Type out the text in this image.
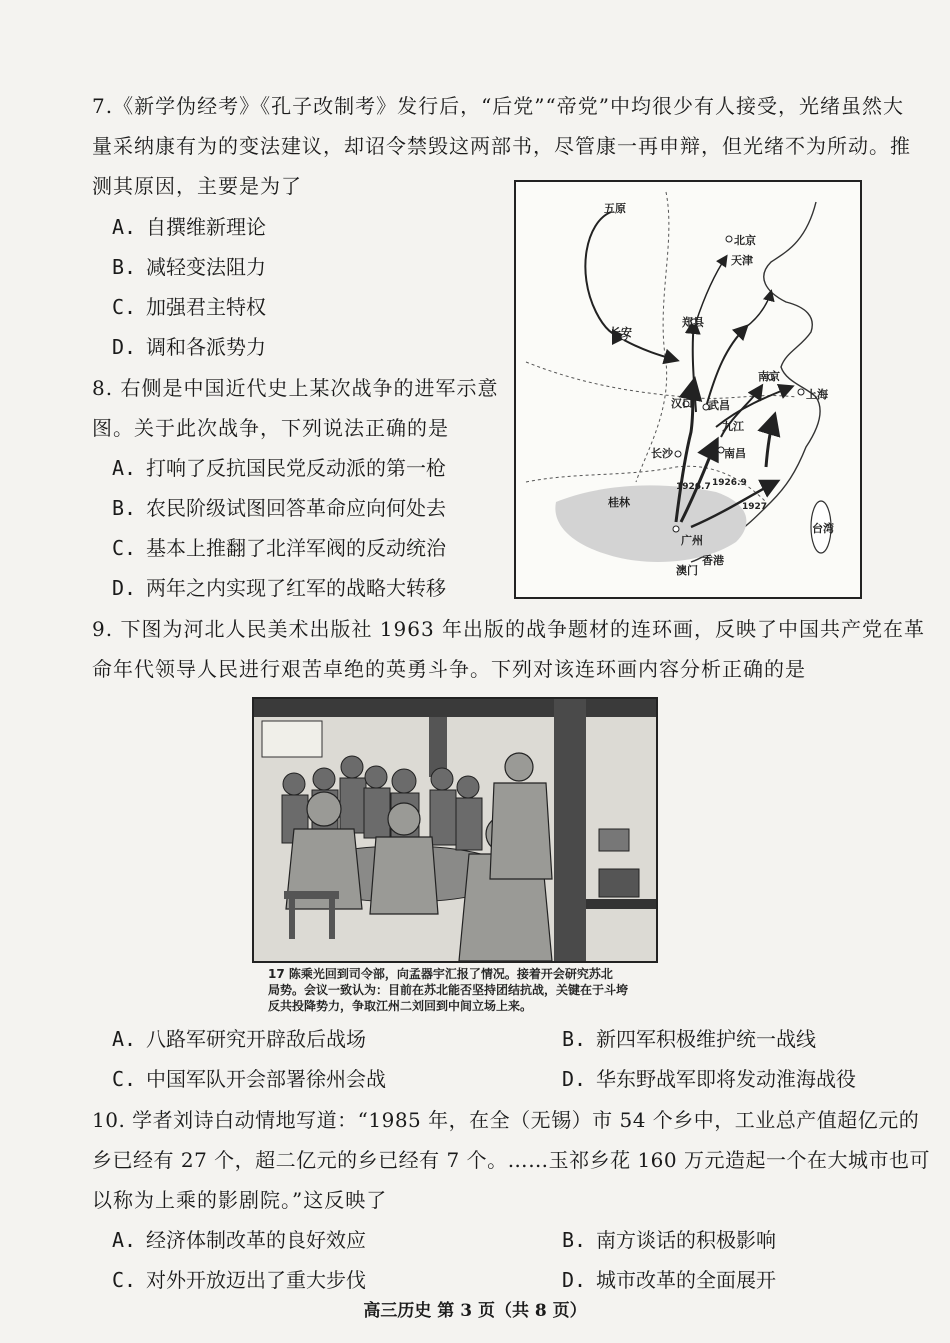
7.《新学伪经考》《孔子改制考》发行后，“后党”“帝党”中均很少有人接受，光绪虽然大
量采纳康有为的变法建议，却诏令禁毁这两部书，尽管康一再申辩，但光绪不为所动。推
测其原因，主要是为了
A. 自撰维新理论
B. 减轻变法阻力
C. 加强君主特权
D. 调和各派势力
8. 右侧是中国近代史上某次战争的进军示意
图。关于此次战争，下列说法正确的是
A. 打响了反抗国民党反动派的第一枪
B. 农民阶级试图回答革命应向何处去
C. 基本上推翻了北洋军阀的反动统治
D. 两年之内实现了红军的战略大转移
五原
北京
天津
长安
郑县
南京
上海
汉口 武昌
九江
长沙	南昌
桂林
广州
香港
澳门
台湾
1926.7 1926.9
1927
9. 下图为河北人民美术出版社 1963 年出版的战争题材的连环画，反映了中国共产党在革
命年代领导人民进行艰苦卓绝的英勇斗争。下列对该连环画内容分析正确的是
17 陈乘光回到司令部，向孟器宇汇报了情况。接着开会研究苏北
局势。会议一致认为：目前在苏北能否坚持团结抗战，关键在于斗垮
反共投降势力，争取江州二刘回到中间立场上来。
A. 八路军研究开辟敌后战场	B. 新四军积极维护统一战线
C. 中国军队开会部署徐州会战	D. 华东野战军即将发动淮海战役
10. 学者刘诗白动情地写道：“1985 年，在全（无锡）市 54 个乡中，工业总产值超亿元的
乡已经有 27 个，超二亿元的乡已经有 7 个。……玉祁乡花 160 万元造起一个在大城市也可
以称为上乘的影剧院。”这反映了
A. 经济体制改革的良好效应	B. 南方谈话的积极影响
C. 对外开放迈出了重大步伐	D. 城市改革的全面展开
高三历史 第 3 页（共 8 页）
